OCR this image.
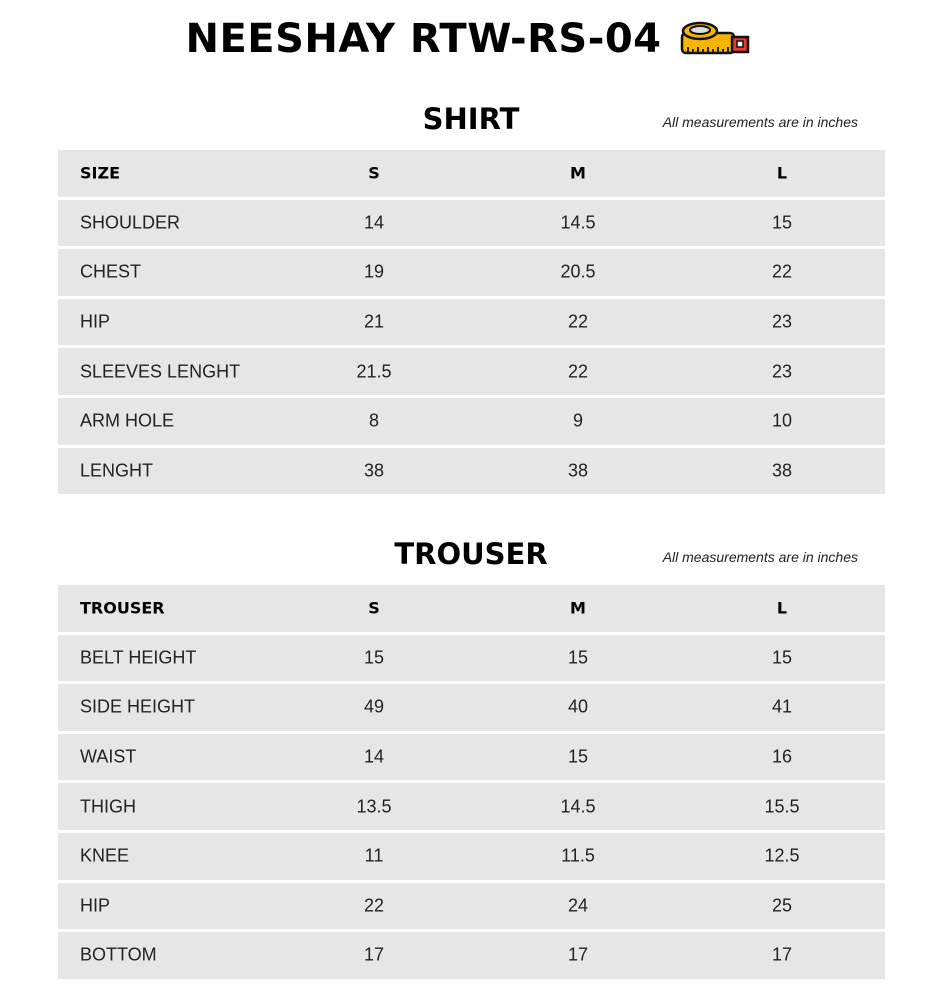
NEESHAY RTW-RS-04
SHIRT	All measurements are in inches
SIZE	S	M	L
SHOULDER	14	14.5	15
CHEST	19	20.5	22
HIP	21	22	23
SLEEVES LENGHT	21.5	22	23
ARM HOLE	8	9	10
LENGHT	38	38	38
TROUSER	All measurements are in inches
TROUSER	S	M	L
BELT HEIGHT	15	15	15
SIDE HEIGHT	49	40	41
WAIST	14	15	16
THIGH	13.5	14.5	15.5
KNEE	11	11.5	12.5
HIP	22	24	25
BOTTOM	17	17	17
